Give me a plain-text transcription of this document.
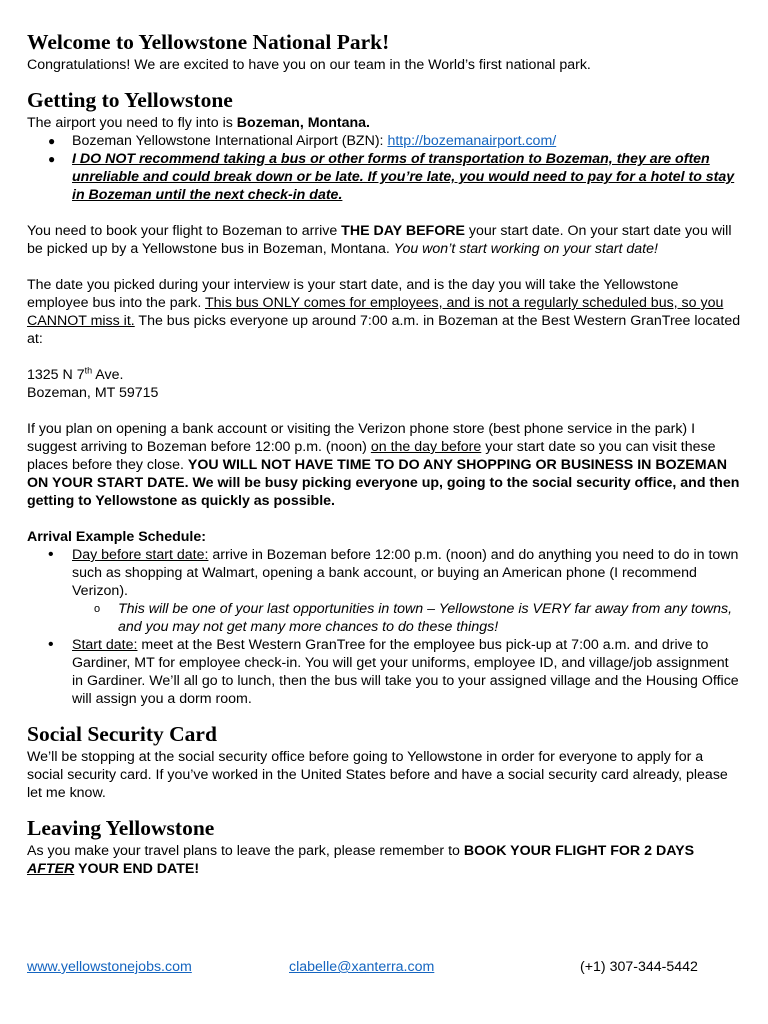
Welcome to Yellowstone National Park!

Congratulations! We are excited to have you on our team in the World’s first national park.

Getting to Yellowstone

The airport you need to fly into is Bozeman, Montana.

● Bozeman Yellowstone International Airport (BZN): http://bozemanairport.com/
● I DO NOT recommend taking a bus or other forms of transportation to Bozeman, they are often unreliable and could break down or be late. If you’re late, you would need to pay for a hotel to stay in Bozeman until the next check-in date.

You need to book your flight to Bozeman to arrive THE DAY BEFORE your start date. On your start date you will be picked up by a Yellowstone bus in Bozeman, Montana. You won’t start working on your start date!

The date you picked during your interview is your start date, and is the day you will take the Yellowstone employee bus into the park. This bus ONLY comes for employees, and is not a regularly scheduled bus, so you CANNOT miss it. The bus picks everyone up around 7:00 a.m. in Bozeman at the Best Western GranTree located at:

1325 N 7th Ave.

Bozeman, MT 59715

If you plan on opening a bank account or visiting the Verizon phone store (best phone service in the park) I suggest arriving to Bozeman before 12:00 p.m. (noon) on the day before your start date so you can visit these places before they close. YOU WILL NOT HAVE TIME TO DO ANY SHOPPING OR BUSINESS IN BOZEMAN ON YOUR START DATE. We will be busy picking everyone up, going to the social security office, and then getting to Yellowstone as quickly as possible.

Arrival Example Schedule:

• Day before start date: arrive in Bozeman before 12:00 p.m. (noon) and do anything you need to do in town such as shopping at Walmart, opening a bank account, or buying an American phone (I recommend Verizon).
o This will be one of your last opportunities in town – Yellowstone is VERY far away from any towns, and you may not get many more chances to do these things!
• Start date: meet at the Best Western GranTree for the employee bus pick-up at 7:00 a.m. and drive to Gardiner, MT for employee check-in. You will get your uniforms, employee ID, and village/job assignment in Gardiner. We’ll all go to lunch, then the bus will take you to your assigned village and the Housing Office will assign you a dorm room.
Social Security Card

We’ll be stopping at the social security office before going to Yellowstone in order for everyone to apply for a social security card. If you’ve worked in the United States before and have a social security card already, please let me know.

Leaving Yellowstone

As you make your travel plans to leave the park, please remember to BOOK YOUR FLIGHT FOR 2 DAYS AFTER YOUR END DATE!

www.yellowstonejobs.com	clabelle@xanterra.com	(+1) 307-344-5442
